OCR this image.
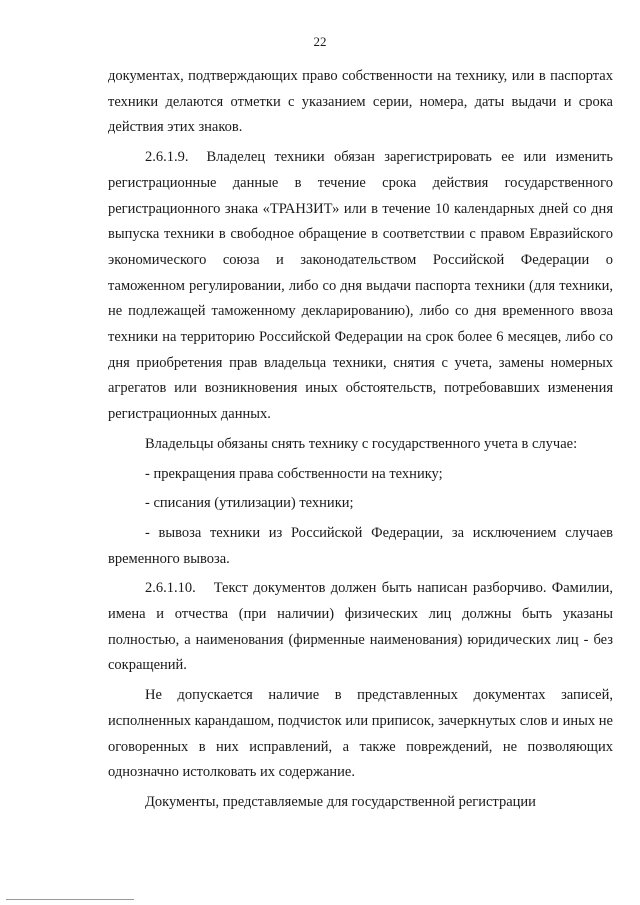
22

документах, подтверждающих право собственности на технику, или в паспортах техники делаются отметки с указанием серии, номера, даты выдачи и срока действия этих знаков.

2.6.1.9. Владелец техники обязан зарегистрировать ее или изменить регистрационные данные в течение срока действия государственного регистрационного знака «ТРАНЗИТ» или в течение 10 календарных дней со дня выпуска техники в свободное обращение в соответствии с правом Евразийского экономического союза и законодательством Российской Федерации о таможенном регулировании, либо со дня выдачи паспорта техники (для техники, не подлежащей таможенному декларированию), либо со дня временного ввоза техники на территорию Российской Федерации на срок более 6 месяцев, либо со дня приобретения прав владельца техники, снятия с учета, замены номерных агрегатов или возникновения иных обстоятельств, потребовавших изменения регистрационных данных.

Владельцы обязаны снять технику с государственного учета в случае:

- прекращения права собственности на технику;

- списания (утилизации) техники;

- вывоза техники из Российской Федерации, за исключением случаев временного вывоза.

2.6.1.10. Текст документов должен быть написан разборчиво. Фамилии, имена и отчества (при наличии) физических лиц должны быть указаны полностью, а наименования (фирменные наименования) юридических лиц - без сокращений.

Не допускается наличие в представленных документах записей, исполненных карандашом, подчисток или приписок, зачеркнутых слов и иных не оговоренных в них исправлений, а также повреждений, не позволяющих однозначно истолковать их содержание.

Документы, представляемые для государственной регистрации
